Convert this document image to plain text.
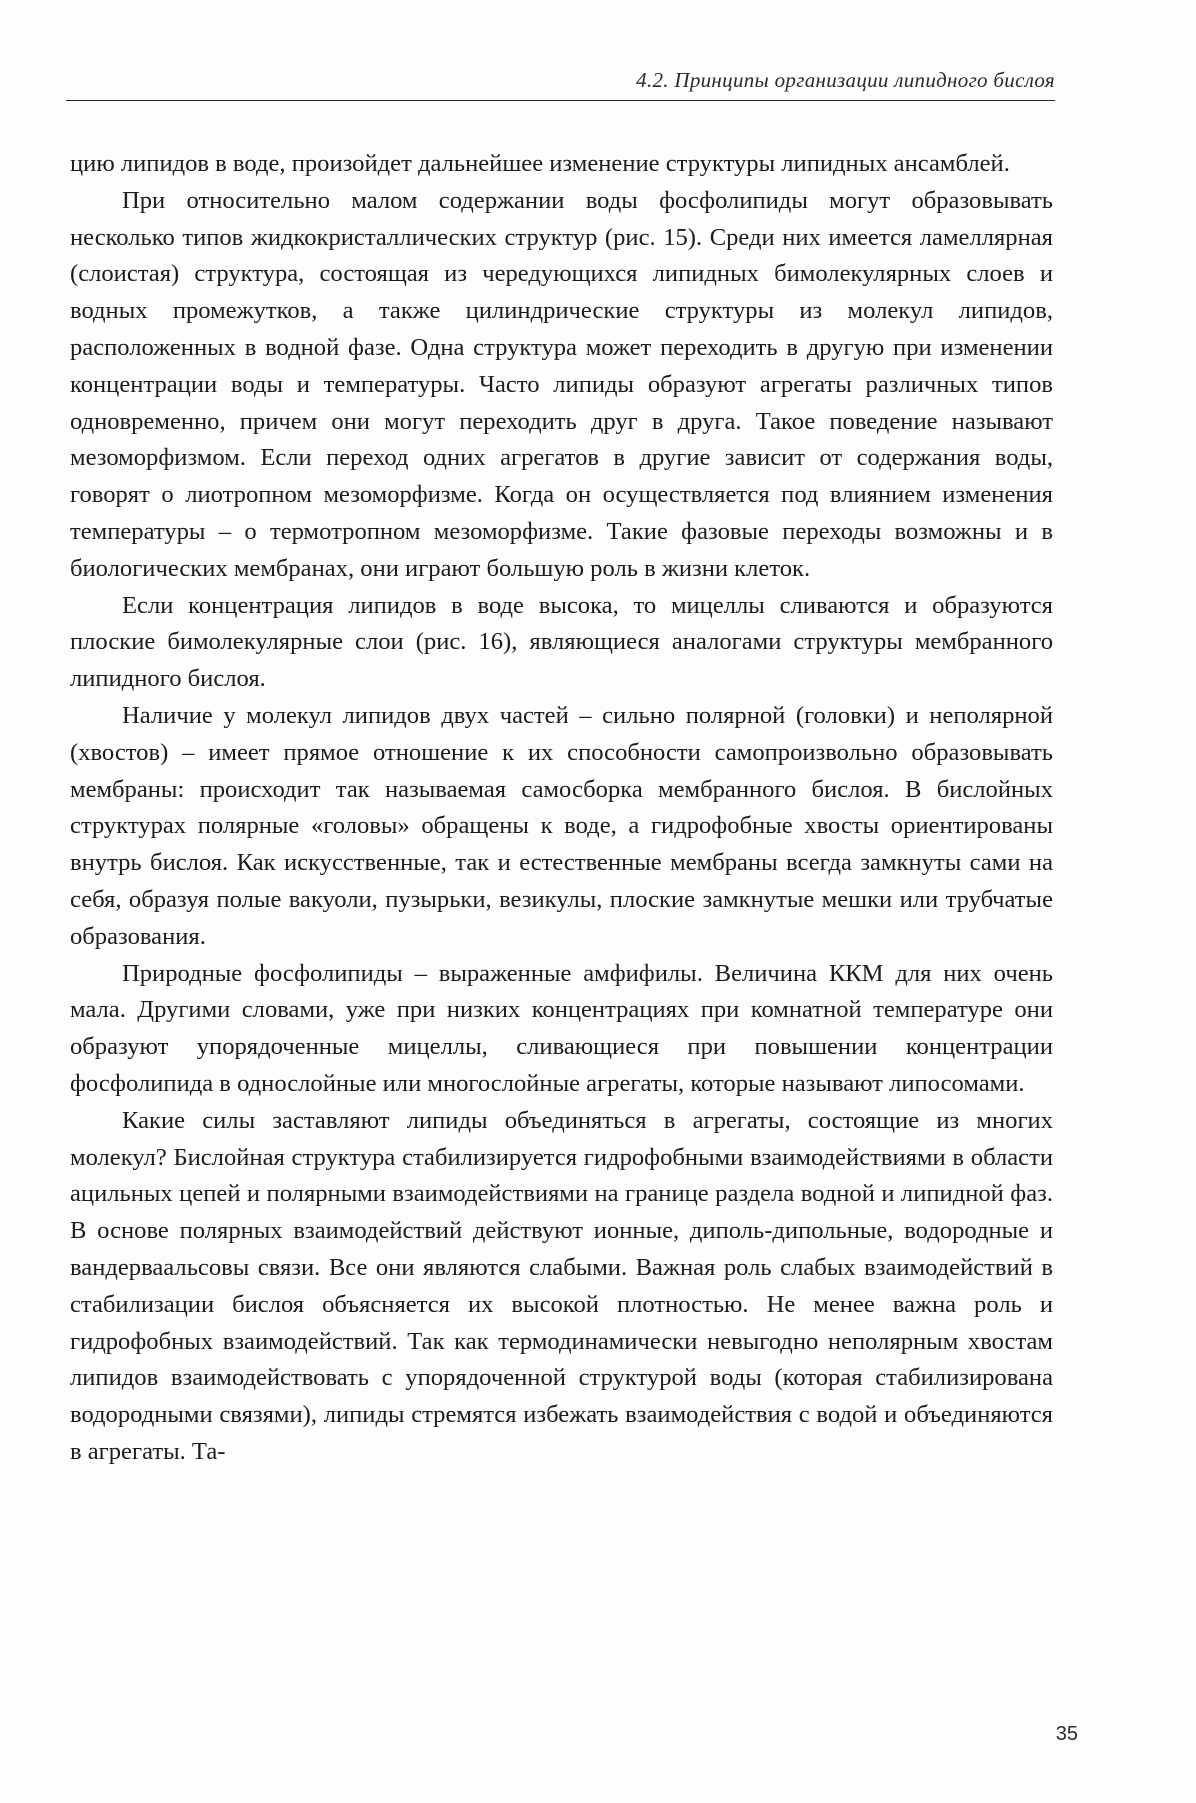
4.2. Принципы организации липидного бислоя

цию липидов в воде, произойдет дальнейшее изменение структуры липидных ансамблей.

При относительно малом содержании воды фосфолипиды могут образовывать несколько типов жидкокристаллических структур (рис. 15). Среди них имеется ламеллярная (слоистая) структура, состоящая из чередующихся липидных бимолекулярных слоев и водных промежутков, а также цилиндрические структуры из молекул липидов, расположенных в водной фазе. Одна структура может переходить в другую при изменении концентрации воды и температуры. Часто липиды образуют агрегаты различных типов одновременно, причем они могут переходить друг в друга. Такое поведение называют мезоморфизмом. Если переход одних агрегатов в другие зависит от содержания воды, говорят о лиотропном мезоморфизме. Когда он осуществляется под влиянием изменения температуры – о термотропном мезоморфизме. Такие фазовые переходы возможны и в биологических мембранах, они играют большую роль в жизни клеток.

Если концентрация липидов в воде высока, то мицеллы сливаются и образуются плоские бимолекулярные слои (рис. 16), являющиеся аналогами структуры мембранного липидного бислоя.

Наличие у молекул липидов двух частей – сильно полярной (головки) и неполярной (хвостов) – имеет прямое отношение к их способности самопроизвольно образовывать мембраны: происходит так называемая самосборка мембранного бислоя. В бислойных структурах полярные «головы» обращены к воде, а гидрофобные хвосты ориентированы внутрь бислоя. Как искусственные, так и естественные мембраны всегда замкнуты сами на себя, образуя полые вакуоли, пузырьки, везикулы, плоские замкнутые мешки или трубчатые образования.

Природные фосфолипиды – выраженные амфифилы. Величина ККМ для них очень мала. Другими словами, уже при низких концентрациях при комнатной температуре они образуют упорядоченные мицеллы, сливающиеся при повышении концентрации фосфолипида в однослойные или многослойные агрегаты, которые называют липосомами.

Какие силы заставляют липиды объединяться в агрегаты, состоящие из многих молекул? Бислойная структура стабилизируется гидрофобными взаимодействиями в области ацильных цепей и полярными взаимодействиями на границе раздела водной и липидной фаз. В основе полярных взаимодействий действуют ионные, диполь-дипольные, водородные и вандерваальсовы связи. Все они являются слабыми. Важная роль слабых взаимодействий в стабилизации бислоя объясняется их высокой плотностью. Не менее важна роль и гидрофобных взаимодействий. Так как термодинамически невыгодно неполярным хвостам липидов взаимодействовать с упорядоченной структурой воды (которая стабилизирована водородными связями), липиды стремятся избежать взаимодействия с водой и объединяются в агрегаты. Та-

35
